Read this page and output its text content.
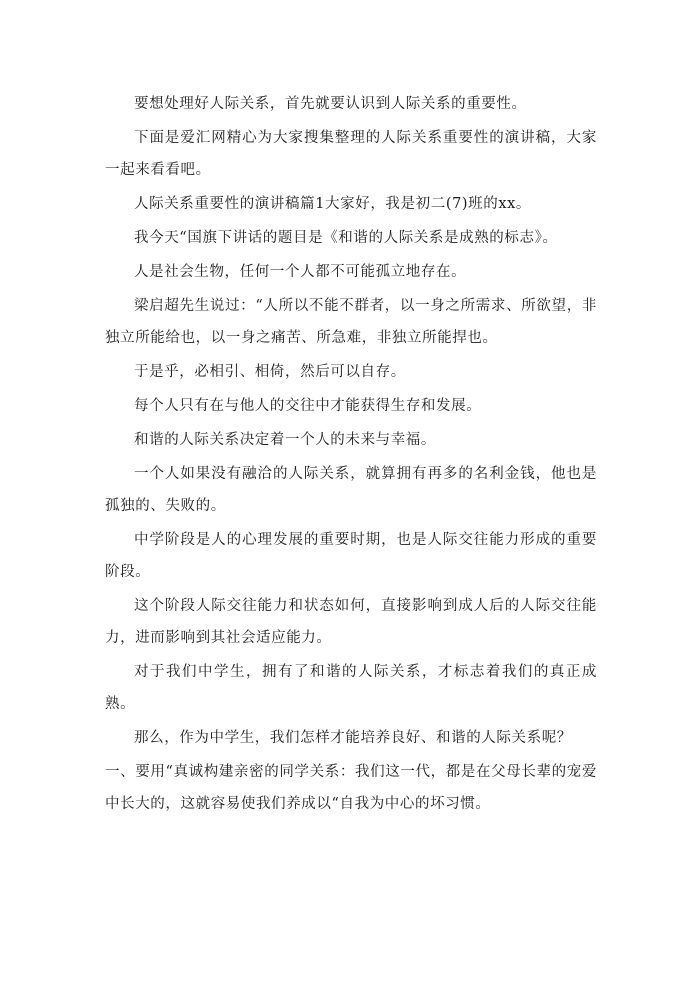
要想处理好人际关系，首先就要认识到人际关系的重要性。

下面是爱汇网精心为大家搜集整理的人际关系重要性的演讲稿，大家一起来看看吧。

人际关系重要性的演讲稿篇1大家好，我是初二(7)班的xx。

我今天“国旗下讲话的题目是《和谐的人际关系是成熟的标志》。

人是社会生物，任何一个人都不可能孤立地存在。

梁启超先生说过：“人所以不能不群者，以一身之所需求、所欲望，非独立所能给也，以一身之痛苦、所急难，非独立所能捍也。

于是乎，必相引、相倚，然后可以自存。

每个人只有在与他人的交往中才能获得生存和发展。

和谐的人际关系决定着一个人的未来与幸福。

一个人如果没有融洽的人际关系，就算拥有再多的名利金钱，他也是孤独的、失败的。

中学阶段是人的心理发展的重要时期，也是人际交往能力形成的重要阶段。

这个阶段人际交往能力和状态如何，直接影响到成人后的人际交往能力，进而影响到其社会适应能力。

对于我们中学生，拥有了和谐的人际关系，才标志着我们的真正成熟。

那么，作为中学生，我们怎样才能培养良好、和谐的人际关系呢？

一、要用“真诚构建亲密的同学关系：我们这一代，都是在父母长辈的宠爱中长大的，这就容易使我们养成以“自我为中心的坏习惯。
